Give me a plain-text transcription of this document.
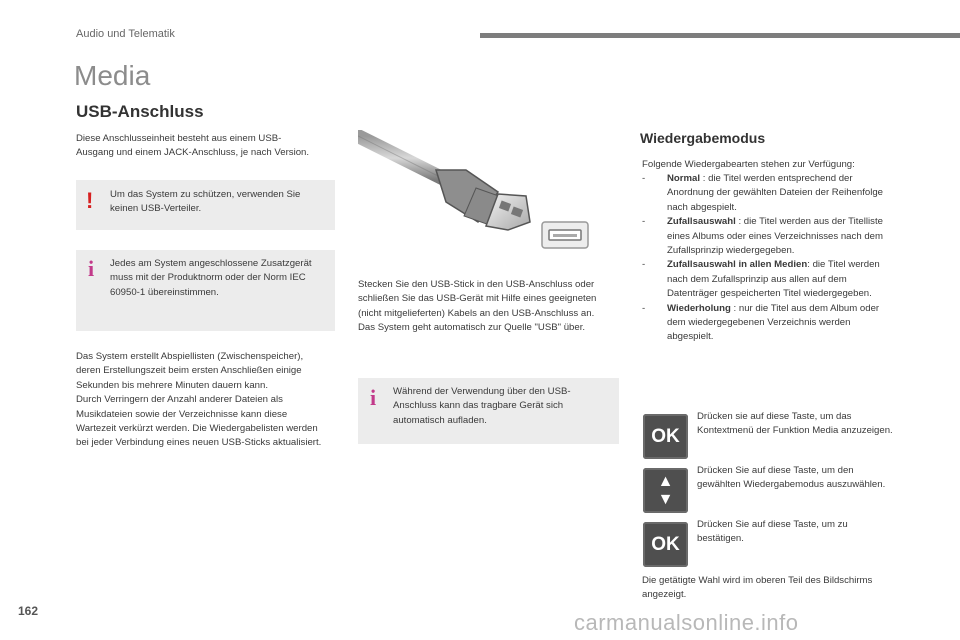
Audio und Telematik
Media
USB-Anschluss
Diese Anschlusseinheit besteht aus einem USB-Ausgang und einem JACK-Anschluss, je nach Version.
! Um das System zu schützen, verwenden Sie keinen USB-Verteiler.
i Jedes am System angeschlossene Zusatzgerät muss mit der Produktnorm oder der Norm IEC 60950-1 übereinstimmen.
Das System erstellt Abspiellisten (Zwischenspeicher), deren Erstellungszeit beim ersten Anschließen einige Sekunden bis mehrere Minuten dauern kann.
Durch Verringern der Anzahl anderer Dateien als Musikdateien sowie der Verzeichnisse kann diese Wartezeit verkürzt werden. Die Wiedergabelisten werden bei jeder Verbindung eines neuen USB-Sticks aktualisiert.
Stecken Sie den USB-Stick in den USB-Anschluss oder schließen Sie das USB-Gerät mit Hilfe eines geeigneten (nicht mitgelieferten) Kabels an den USB-Anschluss an.
Das System geht automatisch zur Quelle "USB" über.
i Während der Verwendung über den USB-Anschluss kann das tragbare Gerät sich automatisch aufladen.
Wiedergabemodus
Folgende Wiedergabearten stehen zur Verfügung:
- Normal : die Titel werden entsprechend der Anordnung der gewählten Dateien der Reihenfolge nach abgespielt.
- Zufallsauswahl : die Titel werden aus der Titelliste eines Albums oder eines Verzeichnisses nach dem Zufallsprinzip wiedergegeben.
- Zufallsauswahl in allen Medien: die Titel werden nach dem Zufallsprinzip aus allen auf dem Datenträger gespeicherten Titel wiedergegeben.
- Wiederholung : nur die Titel aus dem Album oder dem wiedergegebenen Verzeichnis werden abgespielt.
OK
Drücken sie auf diese Taste, um das Kontextmenü der Funktion Media anzuzeigen.
▲
▼
Drücken Sie auf diese Taste, um den gewählten Wiedergabemodus auszuwählen.
OK
Drücken Sie auf diese Taste, um zu bestätigen.
Die getätigte Wahl wird im oberen Teil des Bildschirms angezeigt.
162	carmanualsonline.info
